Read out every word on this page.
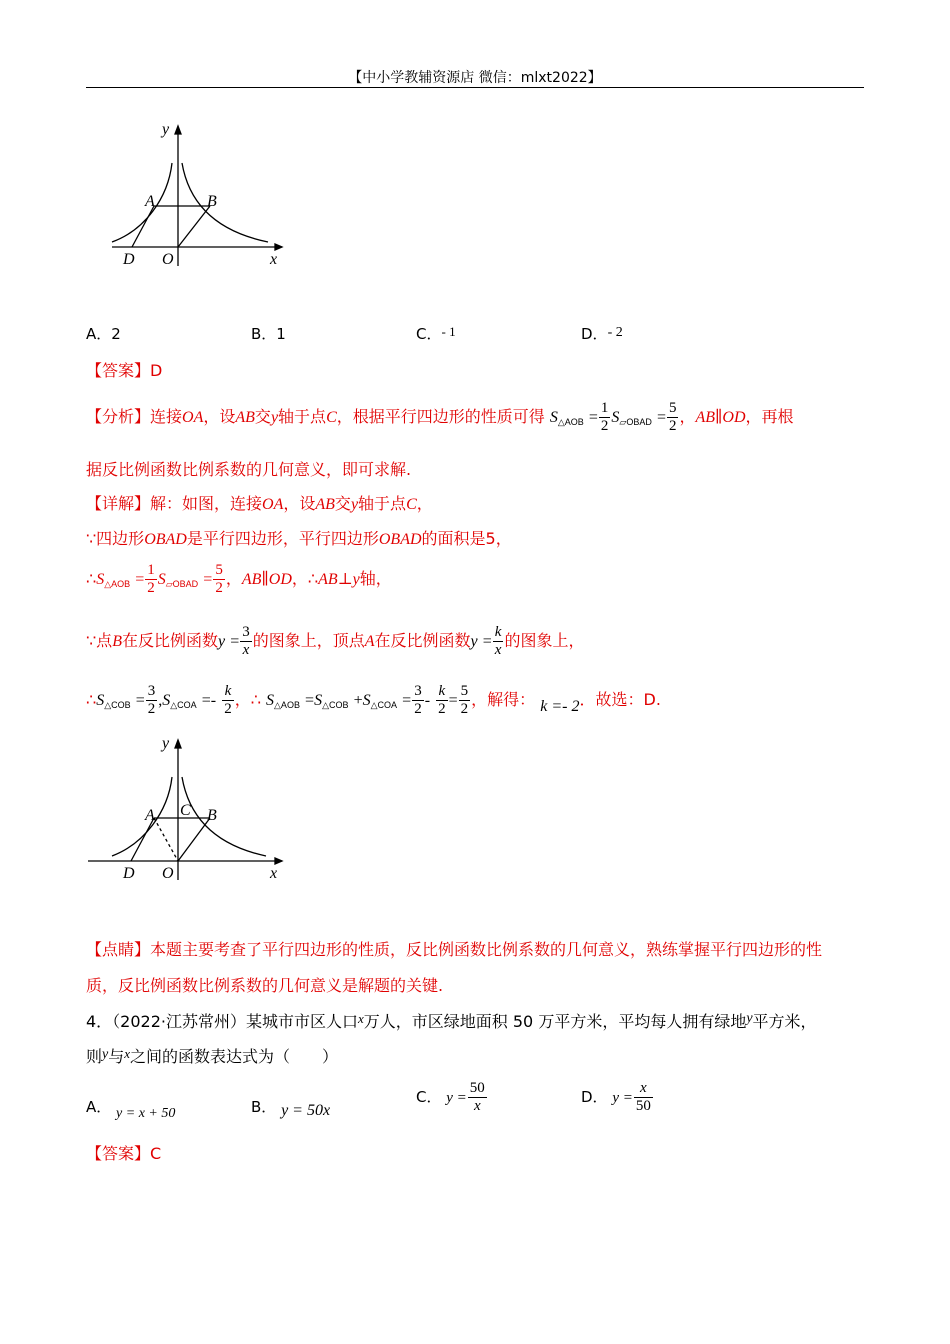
【中小学教辅资源店 微信：mlxt2022】
y
x
A	B
D O
A．2	B．1	C．- 1	D．- 2
【答案】D
【分析】连接OA，设AB交y轴于点C，根据平行四边形的性质可得 $S_{\triangle AOB} = \frac{1}{2} S_{▱OBAD} = \frac{5}{2}$ ，AB∥OD，再根
据反比例函数比例系数的几何意义，即可求解.
【详解】解：如图，连接OA，设AB交y轴于点C，
∵四边形OBAD是平行四边形，平行四边形OBAD的面积是5，
$\therefore S_{\triangle AOB} = \frac{1}{2} S_{▱OBAD} = \frac{5}{2}$ ，AB∥OD，∴AB⊥y轴，
∵点B在反比例函数$y = \frac{3}{x}$ 的图象上，顶点A在反比例函数$y = \frac{k}{x}$ 的图象上，
$\therefore S_{\triangle COB} = \frac{3}{2} ,S_{\triangle COA} =- \frac{k}{2}$ ，∴ $S_{\triangle AOB} =S_{\triangle COB} +S_{\triangle COA} = \frac{3}{2} - \frac{k}{2} = \frac{5}{2}$ ，解得： k =- 2．故选：D.
y
x
A C B
D O
【点睛】本题主要考查了平行四边形的性质，反比例函数比例系数的几何意义，熟练掌握平行四边形的性
质，反比例函数比例系数的几何意义是解题的关键.
4．（2022·江苏常州）某城市市区人口$^x$万人，市区绿地面积 50 万平方米，平均每人拥有绿地y平方米，
则y与$^x$之间的函数表达式为（　　）
A． y = x + 50	B． y = 50x
C． $y = \frac{50}{x}$	D． $y = \frac{x}{50}$
【答案】C
